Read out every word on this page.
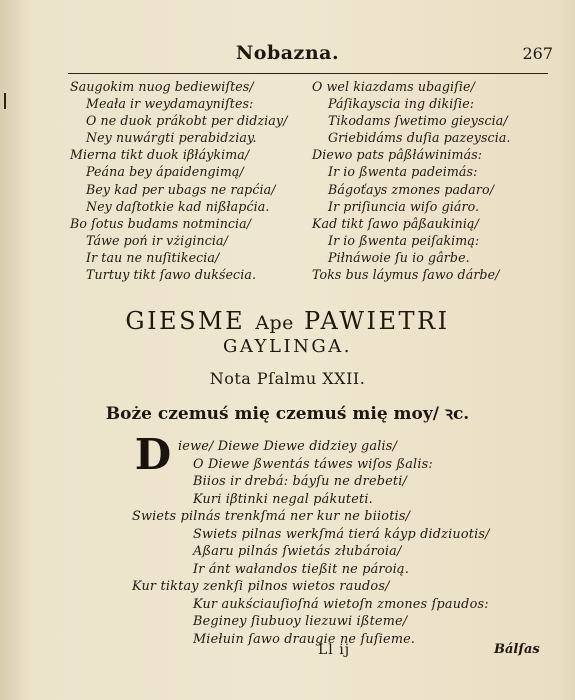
Nobazna.	267
Saugokim nuog bediewiſtes/
Meała ir weydamayniſtes:
O ne duok prákobt per didziay/
Ney nuwárgti perabidziay.
Mierna tikt duok iβłáykima/
Peána bey ápaidengimą/
Bey kad per ubags ne rapćia/
Ney daſtotkie kad nißłapćia.
Bo ſotus budams notmincia/
Táwe poń ir vżigincia/
Ir tau ne nuſitikecia/
Turtuy tikt ſawo dukśecia.
O wel kiazdams ubagiſie/
Páſikayscia ing dikiſie:
Tikodams ſwetimo gieyscia/
Griebidáms duſia pazeyscia.
Diewo pats pâßłáwinimás:
Ir io ßwenta padeimás:
Bágoťays zmones padaro/
Ir priſiuncia wiſo giáro.
Kad tikt ſawo pâßaukinią/
Ir io ßwenta peiſakimą:
Piłnáwoie ſu io gârbe.
Toks bus láymus ſawo dárbe/
GIESME Ape PAWIETRI
GAYLINGA.
Nota Pſalmu XXII.
Boże czemuś mię czemuś mię moy/ ꝛc.
D iewe/ Diewe Diewe didziey galis/
O Diewe ßwentás táwes wiſos ßalis:
Biios ir drebá: báyſu ne drebeti/
Kuri iβtinki negal pákuteti.
Swiets pilnás trenkſmá ner kur ne biiotis/
Swiets pilnas werkſmá tierá káyp didziuotis/
Aßaru pilnás ſwietás złubároia/
Ir ánt wałandos tießit ne pároią.
Kur tiktay zenkſi pilnos wietos raudos/
Kur aukściauſioſná wietoſn zmones ſpaudos:
Beginey ſiubuoy liezuwi ißteme/
Miełuin ſawo draugie ne ſuſieme.
Ll ij	Bálſas
